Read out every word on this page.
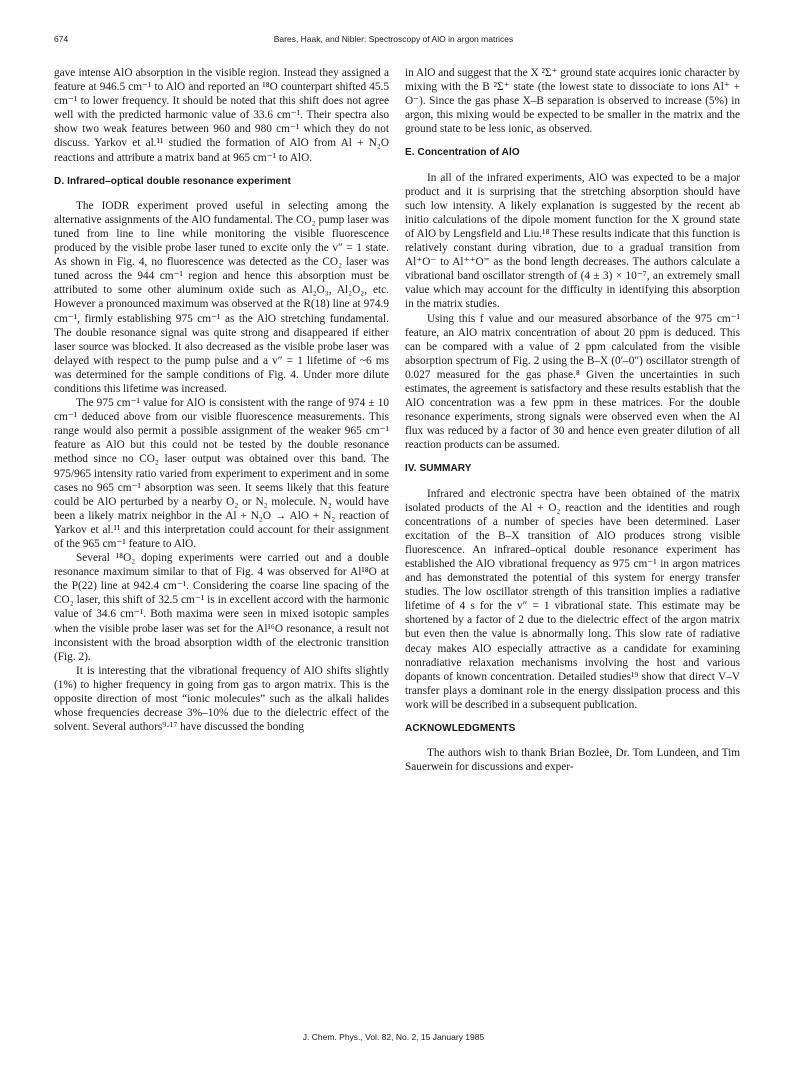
674	Bares, Haak, and Nibler: Spectroscopy of AlO in argon matrices

gave intense AlO absorption in the visible region. Instead they assigned a feature at 946.5 cm⁻¹ to AlO and reported an ¹⁸O counterpart shifted 45.5 cm⁻¹ to lower frequency. It should be noted that this shift does not agree well with the predicted harmonic value of 33.6 cm⁻¹. Their spectra also show two weak features between 960 and 980 cm⁻¹ which they do not discuss. Yarkov et al.¹¹ studied the formation of AlO from Al + N₂O reactions and attribute a matrix band at 965 cm⁻¹ to AlO.

D. Infrared–optical double resonance experiment

The IODR experiment proved useful in selecting among the alternative assignments of the AlO fundamental. The CO₂ pump laser was tuned from line to line while monitoring the visible fluorescence produced by the visible probe laser tuned to excite only the v″ = 1 state. As shown in Fig. 4, no fluorescence was detected as the CO₂ laser was tuned across the 944 cm⁻¹ region and hence this absorption must be attributed to some other aluminum oxide such as Al₂O₃, Al₂O₂, etc. However a pronounced maximum was observed at the R(18) line at 974.9 cm⁻¹, firmly establishing 975 cm⁻¹ as the AlO stretching fundamental. The double resonance signal was quite strong and disappeared if either laser source was blocked. It also decreased as the visible probe laser was delayed with respect to the pump pulse and a v″ = 1 lifetime of ~6 ms was determined for the sample conditions of Fig. 4. Under more dilute conditions this lifetime was increased.

The 975 cm⁻¹ value for AlO is consistent with the range of 974 ± 10 cm⁻¹ deduced above from our visible fluorescence measurements. This range would also permit a possible assignment of the weaker 965 cm⁻¹ feature as AlO but this could not be tested by the double resonance method since no CO₂ laser output was obtained over this band. The 975/965 intensity ratio varied from experiment to experiment and in some cases no 965 cm⁻¹ absorption was seen. It seems likely that this feature could be AlO perturbed by a nearby O₂ or N₂ molecule. N₂ would have been a likely matrix neighbor in the Al + N₂O → AlO + N₂ reaction of Yarkov et al.¹¹ and this interpretation could account for their assignment of the 965 cm⁻¹ feature to AlO.

Several ¹⁸O₂ doping experiments were carried out and a double resonance maximum similar to that of Fig. 4 was observed for Al¹⁸O at the P(22) line at 942.4 cm⁻¹. Considering the coarse line spacing of the CO₂ laser, this shift of 32.5 cm⁻¹ is in excellent accord with the harmonic value of 34.6 cm⁻¹. Both maxima were seen in mixed isotopic samples when the visible probe laser was set for the Al¹⁶O resonance, a result not inconsistent with the broad absorption width of the electronic transition (Fig. 2).

It is interesting that the vibrational frequency of AlO shifts slightly (1%) to higher frequency in going from gas to argon matrix. This is the opposite direction of most “ionic molecules” such as the alkali halides whose frequencies decrease 3%–10% due to the dielectric effect of the solvent. Several authors⁹·¹⁷ have discussed the bonding

in AlO and suggest that the X ²Σ⁺ ground state acquires ionic character by mixing with the B ²Σ⁺ state (the lowest state to dissociate to ions Al⁺ + O⁻). Since the gas phase X–B separation is observed to increase (5%) in argon, this mixing would be expected to be smaller in the matrix and the ground state to be less ionic, as observed.

E. Concentration of AlO

In all of the infrared experiments, AlO was expected to be a major product and it is surprising that the stretching absorption should have such low intensity. A likely explanation is suggested by the recent ab initio calculations of the dipole moment function for the X ground state of AlO by Lengsfield and Liu.¹⁸ These results indicate that this function is relatively constant during vibration, due to a gradual transition from Al⁺O⁻ to Al⁺⁺O⁼ as the bond length decreases. The authors calculate a vibrational band oscillator strength of (4 ± 3) × 10⁻⁷, an extremely small value which may account for the difficulty in identifying this absorption in the matrix studies.

Using this f value and our measured absorbance of the 975 cm⁻¹ feature, an AlO matrix concentration of about 20 ppm is deduced. This can be compared with a value of 2 ppm calculated from the visible absorption spectrum of Fig. 2 using the B–X (0′–0″) oscillator strength of 0.027 measured for the gas phase.⁸ Given the uncertainties in such estimates, the agreement is satisfactory and these results establish that the AlO concentration was a few ppm in these matrices. For the double resonance experiments, strong signals were observed even when the Al flux was reduced by a factor of 30 and hence even greater dilution of all reaction products can be assumed.

IV. SUMMARY

Infrared and electronic spectra have been obtained of the matrix isolated products of the Al + O₂ reaction and the identities and rough concentrations of a number of species have been determined. Laser excitation of the B–X transition of AlO produces strong visible fluorescence. An infrared–optical double resonance experiment has established the AlO vibrational frequency as 975 cm⁻¹ in argon matrices and has demonstrated the potential of this system for energy transfer studies. The low oscillator strength of this transition implies a radiative lifetime of 4 s for the v″ = 1 vibrational state. This estimate may be shortened by a factor of 2 due to the dielectric effect of the argon matrix but even then the value is abnormally long. This slow rate of radiative decay makes AlO especially attractive as a candidate for examining nonradiative relaxation mechanisms involving the host and various dopants of known concentration. Detailed studies¹⁹ show that direct V–V transfer plays a dominant role in the energy dissipation process and this work will be described in a subsequent publication.

ACKNOWLEDGMENTS

The authors wish to thank Brian Bozlee, Dr. Tom Lundeen, and Tim Sauerwein for discussions and exper-

J. Chem. Phys., Vol. 82, No. 2, 15 January 1985
